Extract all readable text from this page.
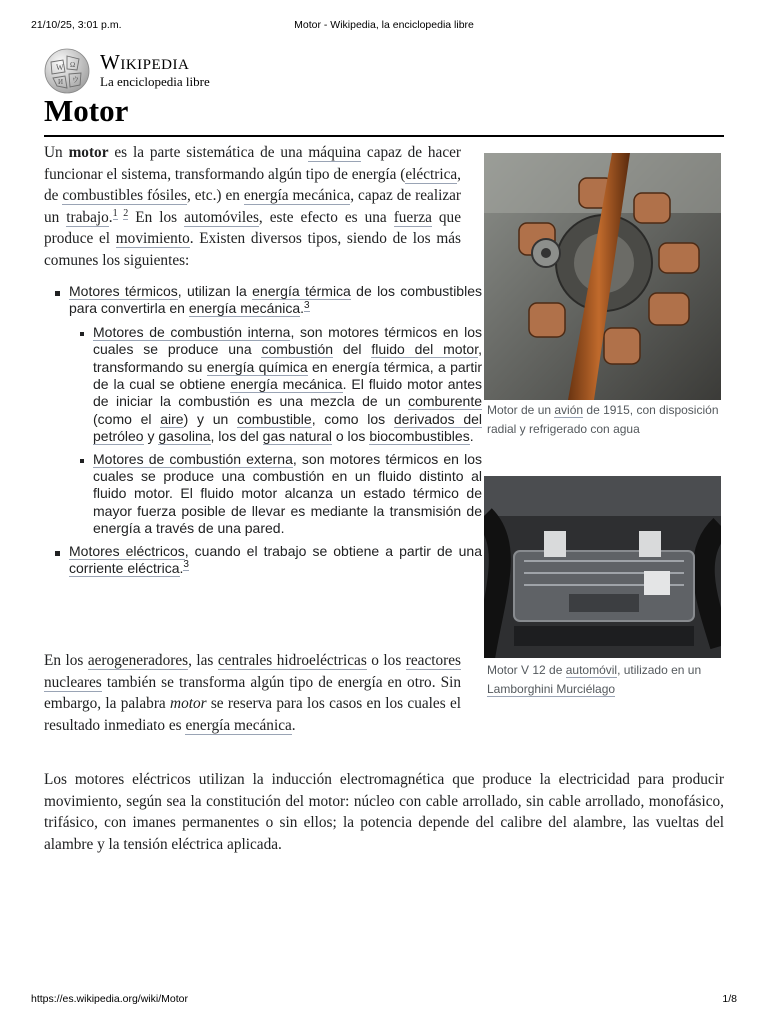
21/10/25, 3:01 p.m.	Motor - Wikipedia, la enciclopedia libre
W Ω
И ウ
Wikipedia
La enciclopedia libre
Motor

Un motor es la parte sistemática de una máquina capaz de hacer funcionar el sistema, transformando algún tipo de energía (eléctrica, de combustibles fósiles, etc.) en energía mecánica, capaz de realizar un trabajo.$^{1 2}$ En los automóviles, este efecto es una fuerza que produce el movimiento. Existen diversos tipos, siendo de los más comunes los siguientes:

Motores térmicos, utilizan la energía térmica de los combustibles para convertirla en energía mecánica.$^3$
Motores de combustión interna, son motores térmicos en los cuales se produce una combustión del fluido del motor, transformando su energía química en energía térmica, a partir de la cual se obtiene energía mecánica. El fluido motor antes de iniciar la combustión es una mezcla de un comburente (como el aire) y un combustible, como los derivados del petróleo y gasolina, los del gas natural o los biocombustibles.
Motores de combustión externa, son motores térmicos en los cuales se produce una combustión en un fluido distinto al fluido motor. El fluido motor alcanza un estado térmico de mayor fuerza posible de llevar es mediante la transmisión de energía a través de una pared.
Motores eléctricos, cuando el trabajo se obtiene a partir de una corriente eléctrica.$^3$

En los aerogeneradores, las centrales hidroeléctricas o los reactores nucleares también se transforma algún tipo de energía en otro. Sin embargo, la palabra motor se reserva para los casos en los cuales el resultado inmediato es energía mecánica.

Los motores eléctricos utilizan la inducción electromagnética que produce la electricidad para producir movimiento, según sea la constitución del motor: núcleo con cable arrollado, sin cable arrollado, monofásico, trifásico, con imanes permanentes o sin ellos; la potencia depende del calibre del alambre, las vueltas del alambre y la tensión eléctrica aplicada.

Motor de un avión de 1915, con disposición radial y refrigerado con agua
Motor V 12 de automóvil, utilizado en un Lamborghini Murciélago
https://es.wikipedia.org/wiki/Motor	1/8
